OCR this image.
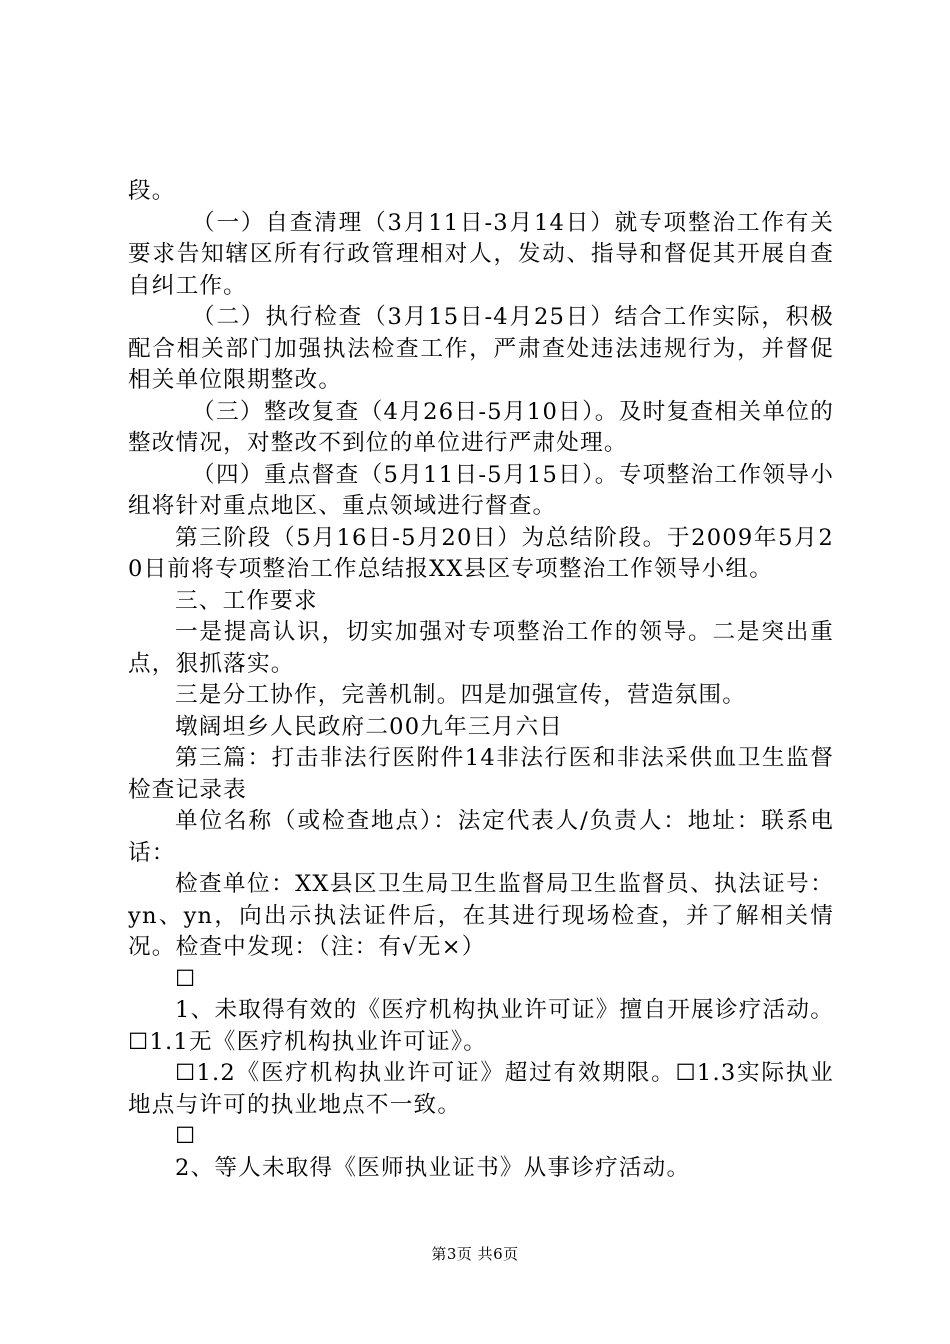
段。

（一）自查清理（3月11日-3月14日）就专项整治工作有关要求告知辖区所有行政管理相对人，发动、指导和督促其开展自查自纠工作。

（二）执行检查（3月15日-4月25日）结合工作实际，积极配合相关部门加强执法检查工作，严肃查处违法违规行为，并督促相关单位限期整改。

（三）整改复查（4月26日-5月10日）。及时复查相关单位的整改情况，对整改不到位的单位进行严肃处理。

（四）重点督查（5月11日-5月15日）。专项整治工作领导小组将针对重点地区、重点领域进行督查。

第三阶段（5月16日-5月20日）为总结阶段。于2009年5月20日前将专项整治工作总结报XX县区专项整治工作领导小组。

三、工作要求

一是提高认识，切实加强对专项整治工作的领导。二是突出重点，狠抓落实。

三是分工协作，完善机制。四是加强宣传，营造氛围。

墩阔坦乡人民政府二00九年三月六日

第三篇：打击非法行医附件14非法行医和非法采供血卫生监督检查记录表

单位名称（或检查地点）：法定代表人/负责人：地址：联系电话：

检查单位：XX县区卫生局卫生监督局卫生监督员、执法证号：yn、yn，向出示执法证件后，在其进行现场检查，并了解相关情况。检查中发现：（注：有√无×）

☐

1、未取得有效的《医疗机构执业许可证》擅自开展诊疗活动。☐1.1无《医疗机构执业许可证》。

☐1.2《医疗机构执业许可证》超过有效期限。☐1.3实际执业地点与许可的执业地点不一致。

☐

2、等人未取得《医师执业证书》从事诊疗活动。

第3页 共6页
